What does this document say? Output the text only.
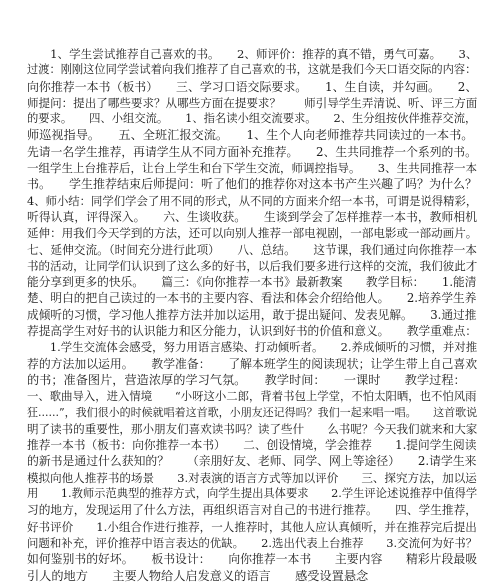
　　1、学生尝试推荐自己喜欢的书。　　2、师评价：推荐的真不错，勇气可嘉。　　3、
过渡：刚刚这位同学尝试着向我们推荐了自己喜欢的书，这就是我们今天口语交际的内容：
向你推荐一本书（板书）　　三、学习口语交际要求。　　1、生自读，并勾画。　　2、
师提问：提出了哪些要求？从哪些方面在提要求？　　师引导学生弄清说、听、评三方面
的要求。　　四、小组交流。　　1、指名读小组交流要求。　　2、生分组按伙伴推荐交流，
师巡视指导。　　五、全班汇报交流。　　1、生个人向老师推荐共同读过的一本书。
先请一名学生推荐，再请学生从不同方面补充推荐。　　2、生共同推荐一个系列的书。
一组学生上台推荐后，让台上学生和台下学生交流，师调控指导。　　3、生共同推荐一本
书。　　学生推荐结束后师提问：听了他们的推荐你对这本书产生兴趣了吗？为什么？
4、师小结：同学们学会了用不同的形式，从不同的方面来介绍一本书，可谓是说得精彩，
听得认真，评得深入。　　六、生谈收获。　　生谈到学会了怎样推荐一本书，教师相机
延伸：用我们今天学到的方法，还可以向别人推荐一部电视剧，一部电影或一部动画片。
七、延伸交流。（时间充分进行此项）　　八、总结。　　这节课，我们通过向你推荐一本
书的活动，让同学们认识到了这么多的好书，以后我们要多进行这样的交流，我们彼此才
能分享到更多的快乐。　　篇三：《向你推荐一本书》最新教案　　教学目标：　　1.能清
楚、明白的把自己读过的一本书的主要内容、看法和体会介绍给他人。　　2.培养学生养
成倾听的习惯，学习他人推荐方法并加以运用，敢于提出疑问、发表见解。　　3.通过推
荐提高学生对好书的认识能力和区分能力，认识到好书的价值和意义。　　教学重难点：
　　1.学生交流体会感受，努力用语言感染、打动倾听者。　　2.养成倾听的习惯，并对推
荐的方法加以运用。　　教学准备：　　了解本班学生的阅读现状；让学生带上自己喜欢
的书；准备图片，营造浓厚的学习气氛。　　教学时间：　　一课时　　教学过程：
一、歌曲导入，进入情境　　“小呀这小二郎，背着书包上学堂，不怕太阳晒，也不怕风雨
狂......”，我们很小的时候就唱着这首歌，小朋友还记得吗？我们一起来唱一唱。　　这首歌说
明了读书的重要性，那小朋友们喜欢读书吗？读了些什　　么书呢？今天我们就来和大家
推荐一本书（板书：向你推荐一本书）　　二、创设情境，学会推荐　　1.提问学生阅读
的新书是通过什么获知的？　　（亲朋好友、老师、同学、网上等途径）　　2.请学生来
模拟向他人推荐书的场景　　3.对表演的语言方式等加以评价　　三、探究方法，加以运
用　　1.教师示范典型的推荐方式，向学生提出具体要求　　2.学生评论述说推荐中值得学
习的地方，发现运用了什么方法，再组织语言对自己的书进行推荐。　　四、学生推荐，
好书评价　　1.小组合作进行推荐，一人推荐时，其他人应认真倾听，并在推荐完后提出
问题和补充，评价推荐中语言表达的优缺。　　2.选出代表上台推荐　　3.交流何为好书？
如何鉴别书的好坏。　　板书设计：　　向你推荐一本书　　主要内容　　精彩片段最吸
引人的地方　　主要人物给人启发意义的语言　　感受设置悬念
